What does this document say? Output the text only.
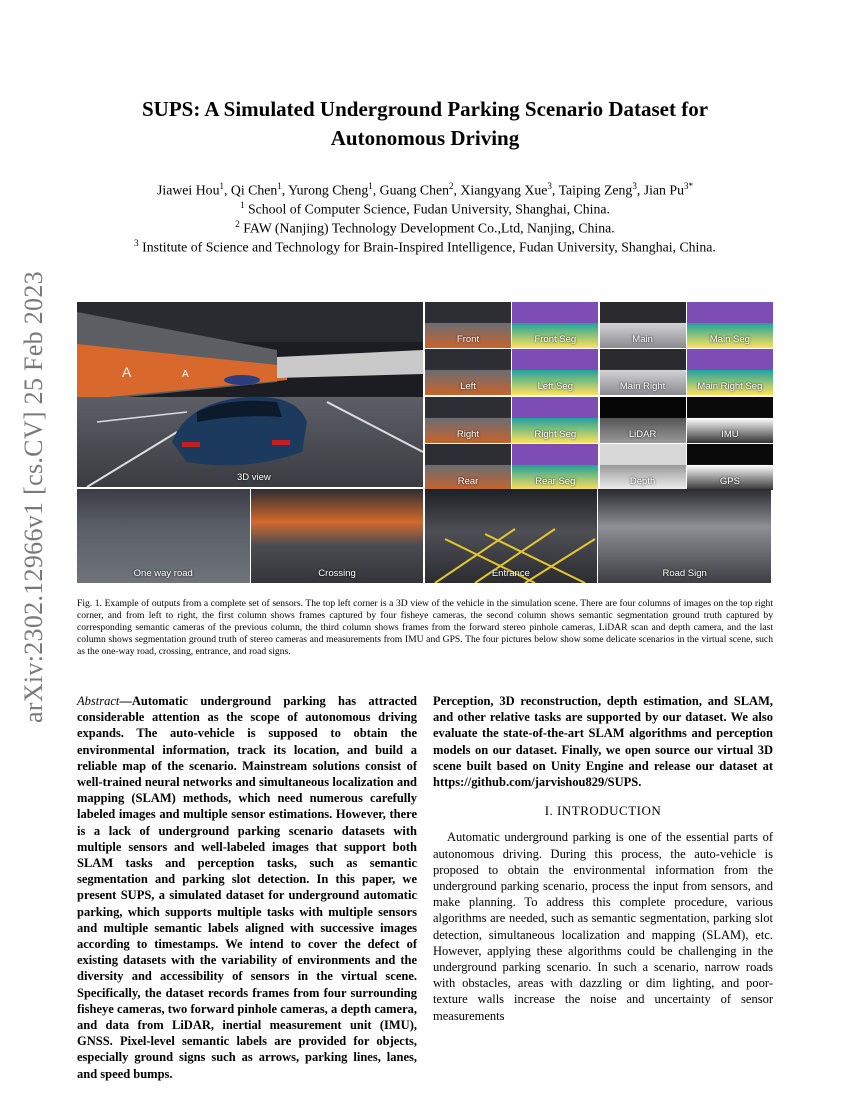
arXiv:2302.12966v1 [cs.CV] 25 Feb 2023
SUPS: A Simulated Underground Parking Scenario Dataset for
Autonomous Driving
Jiawei Hou$^1$, Qi Chen$^1$, Yurong Cheng$^1$, Guang Chen$^2$, Xiangyang Xue$^3$, Taiping Zeng$^3$, Jian $Pu^{3*}$
$^1$ School of Computer Science, Fudan University, Shanghai, China.
$^2$ FAW (Nanjing) Technology Development Co.,Ltd, Nanjing, China.
$^3$ Institute of Science and Technology for Brain-Inspired Intelligence, Fudan University, Shanghai, China.
A	A
3D view
Front	Front Seg	Main	Main Seg
Left	Left Seg	Main Right	Main Right Seg
Right	Right Seg	LiDAR	IMU
Rear	Rear Seg	Depth	GPS
One way road	Crossing	Entrance	Road Sign
Fig. 1. Example of outputs from a complete set of sensors. The top left corner is a 3D view of the vehicle in the simulation scene. There are four columns of images on the top right corner, and from left to right, the first column shows frames captured by four fisheye cameras, the second column shows semantic segmentation ground truth captured by corresponding semantic cameras of the previous column, the third column shows frames from the forward stereo pinhole cameras, LiDAR scan and depth camera, and the last column shows segmentation ground truth of stereo cameras and measurements from IMU and GPS. The four pictures below show some delicate scenarios in the virtual scene, such as the one-way road, crossing, entrance, and road signs.
Abstract—Automatic underground parking has attracted considerable attention as the scope of autonomous driving expands. The auto-vehicle is supposed to obtain the environmental information, track its location, and build a reliable map of the scenario. Mainstream solutions consist of well-trained neural networks and simultaneous localization and mapping (SLAM) methods, which need numerous carefully labeled images and multiple sensor estimations. However, there is a lack of underground parking scenario datasets with multiple sensors and well-labeled images that support both SLAM tasks and perception tasks, such as semantic segmentation and parking slot detection. In this paper, we present SUPS, a simulated dataset for underground automatic parking, which supports multiple tasks with multiple sensors and multiple semantic labels aligned with successive images according to timestamps. We intend to cover the defect of existing datasets with the variability of environments and the diversity and accessibility of sensors in the virtual scene. Specifically, the dataset records frames from four surrounding fisheye cameras, two forward pinhole cameras, a depth camera, and data from LiDAR, inertial measurement unit (IMU), GNSS. Pixel-level semantic labels are provided for objects, especially ground signs such as arrows, parking lines, lanes, and speed bumps.
Perception, 3D reconstruction, depth estimation, and SLAM, and other relative tasks are supported by our dataset. We also evaluate the state-of-the-art SLAM algorithms and perception models on our dataset. Finally, we open source our virtual 3D scene built based on Unity Engine and release our dataset at https://github.com/jarvishou829/SUPS.
I. INTRODUCTION
Automatic underground parking is one of the essential parts of autonomous driving. During this process, the auto-vehicle is proposed to obtain the environmental information from the underground parking scenario, process the input from sensors, and make planning. To address this complete procedure, various algorithms are needed, such as semantic segmentation, parking slot detection, simultaneous localization and mapping (SLAM), etc. However, applying these algorithms could be challenging in the underground parking scenario. In such a scenario, narrow roads with obstacles, areas with dazzling or dim lighting, and poor-texture walls increase the noise and uncertainty of sensor measurements
